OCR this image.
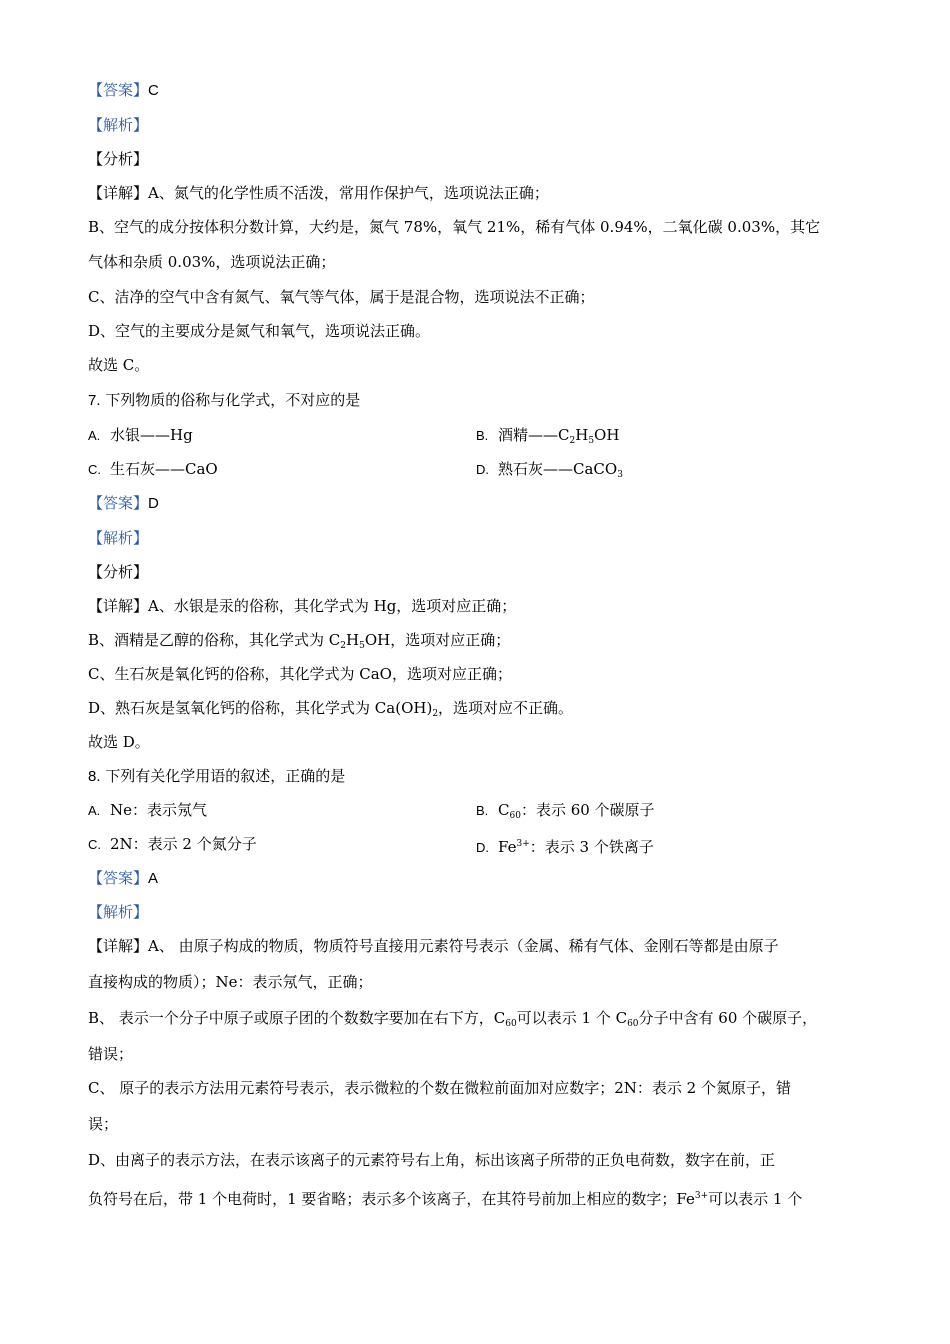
【答案】C
【解析】
【分析】
【详解】A、氮气的化学性质不活泼，常用作保护气，选项说法正确；
B、空气的成分按体积分数计算，大约是，氮气 78%，氧气 21%，稀有气体 0.94%，二氧化碳 0.03%，其它
气体和杂质 0.03%，选项说法正确；
C、洁净的空气中含有氮气、氧气等气体，属于是混合物，选项说法不正确；
D、空气的主要成分是氮气和氧气，选项说法正确。
故选 C。
7. 下列物质的俗称与化学式，不对应的是
A. 水银——Hg	B. 酒精$——C_2H_5OH$
C. 生石灰——CaO	D. 熟石灰——CaCO$_3$
【答案】D
【解析】
【分析】
【详解】A、水银是汞的俗称，其化学式为 Hg，选项对应正确；
B、酒精是乙醇的俗称，其化学式为 $C_2H_5OH$，选项对应正确；
C、生石灰是氧化钙的俗称，其化学式为 CaO，选项对应正确；
D、熟石灰是氢氧化钙的俗称，其化学式为 $Ca(OH)_2$，选项对应不正确。
故选 D。
8. 下列有关化学用语的叙述，正确的是
A. Ne：表示氖气	B. $C_{60}$：表示 60 个碳原子
C. 2N：表示 2 个氮分子	D. $Fe^{3+}$：表示 3 个铁离子
【答案】A
【解析】
【详解】A、 由原子构成的物质，物质符号直接用元素符号表示（金属、稀有气体、金刚石等都是由原子
直接构成的物质）；Ne：表示氖气，正确；
B、 表示一个分子中原子或原子团的个数数字要加在右下方，$C_{60}$可以表示 1 个 $C_{60}$分子中含有 60 个碳原子，
错误；
C、 原子的表示方法用元素符号表示，表示微粒的个数在微粒前面加对应数字；2N：表示 2 个氮原子，错
误；
D、由离子的表示方法，在表示该离子的元素符号右上角，标出该离子所带的正负电荷数，数字在前，正
负符号在后，带 1 个电荷时，1 要省略；表示多个该离子，在其符号前加上相应的数字；$Fe^{3+}$可以表示 1 个
